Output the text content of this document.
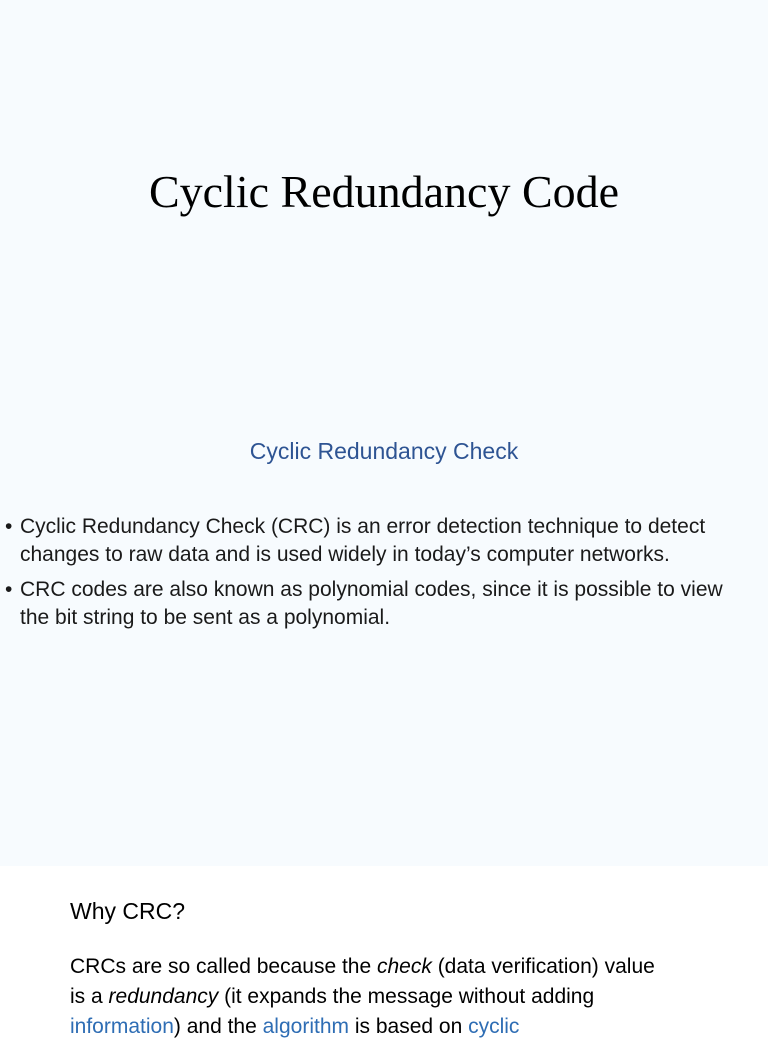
Cyclic Redundancy Code
Cyclic Redundancy Check
• Cyclic Redundancy Check (CRC) is an error detection technique to detect changes to raw data and is used widely in today’s computer networks.
• CRC codes are also known as polynomial codes, since it is possible to view the bit string to be sent as a polynomial.
Why CRC?

CRCs are so called because the check (data verification) value is a redundancy (it expands the message without adding information) and the algorithm is based on cyclic
